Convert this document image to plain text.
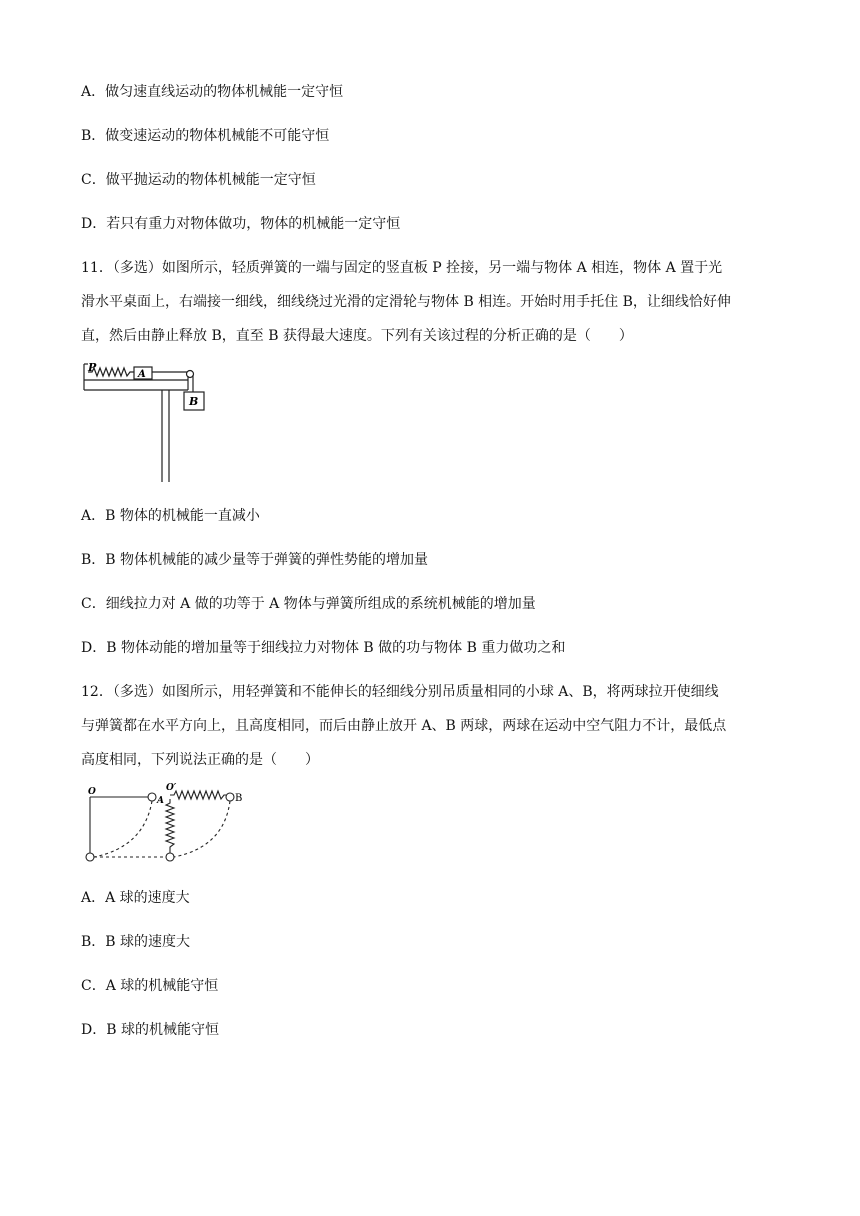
A．做匀速直线运动的物体机械能一定守恒
B．做变速运动的物体机械能不可能守恒
C．做平抛运动的物体机械能一定守恒
D．若只有重力对物体做功，物体的机械能一定守恒
11．（多选）如图所示，轻质弹簧的一端与固定的竖直板 P 拴接，另一端与物体 A 相连，物体 A 置于光
滑水平桌面上，右端接一细线，细线绕过光滑的定滑轮与物体 B 相连。开始时用手托住 B，让细线恰好伸
直，然后由静止释放 B，直至 B 获得最大速度。下列有关该过程的分析正确的是（　　）
P
A
B
A．B 物体的机械能一直减小
B．B 物体机械能的减少量等于弹簧的弹性势能的增加量
C．细线拉力对 A 做的功等于 A 物体与弹簧所组成的系统机械能的增加量
D．B 物体动能的增加量等于细线拉力对物体 B 做的功与物体 B 重力做功之和
12．（多选）如图所示，用轻弹簧和不能伸长的轻细线分别吊质量相同的小球 A、B，将两球拉开使细线
与弹簧都在水平方向上，且高度相同，而后由静止放开 A、B 两球，两球在运动中空气阻力不计，最低点
高度相同，下列说法正确的是（　　）
O
A
O′
B
A．A 球的速度大
B．B 球的速度大
C．A 球的机械能守恒
D．B 球的机械能守恒
